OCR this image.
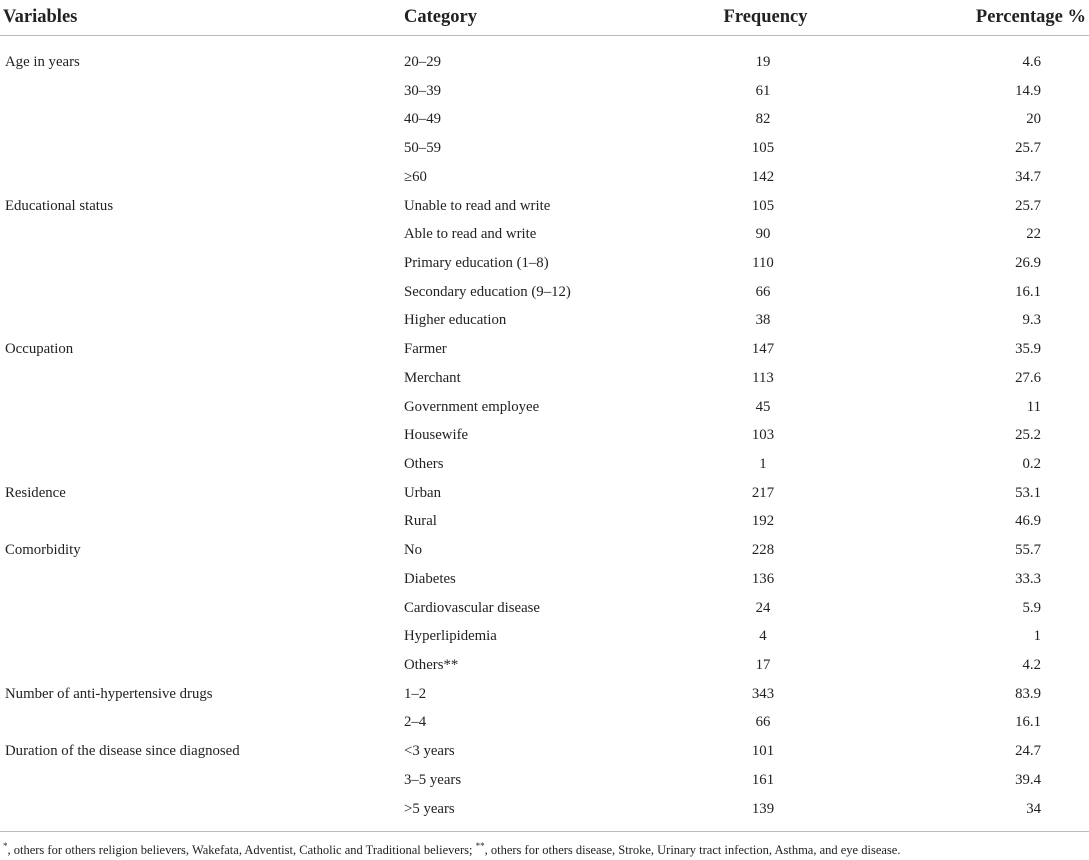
Variables	Category	Frequency	Percentage %

Age in years	20–29	19	4.6
	30–39	61	14.9
	40–49	82	20
	50–59	105	25.7
	≥60	142	34.7
Educational status	Unable to read and write	105	25.7
	Able to read and write	90	22
	Primary education (1–8)	110	26.9
	Secondary education (9–12)	66	16.1
	Higher education	38	9.3
Occupation	Farmer	147	35.9
	Merchant	113	27.6
	Government employee	45	11
	Housewife	103	25.2
	Others	1	0.2
Residence	Urban	217	53.1
	Rural	192	46.9
Comorbidity	No	228	55.7
	Diabetes	136	33.3
	Cardiovascular disease	24	5.9
	Hyperlipidemia	4	1
	Others**	17	4.2
Number of anti-hypertensive drugs	1–2	343	83.9
	2–4	66	16.1
Duration of the disease since diagnosed	<3 years	101	24.7
	3–5 years	161	39.4
	>5 years	139	34
*, others for others religion believers, Wakefata, Adventist, Catholic and Traditional believers; **, others for others disease, Stroke, Urinary tract infection, Asthma, and eye disease.
